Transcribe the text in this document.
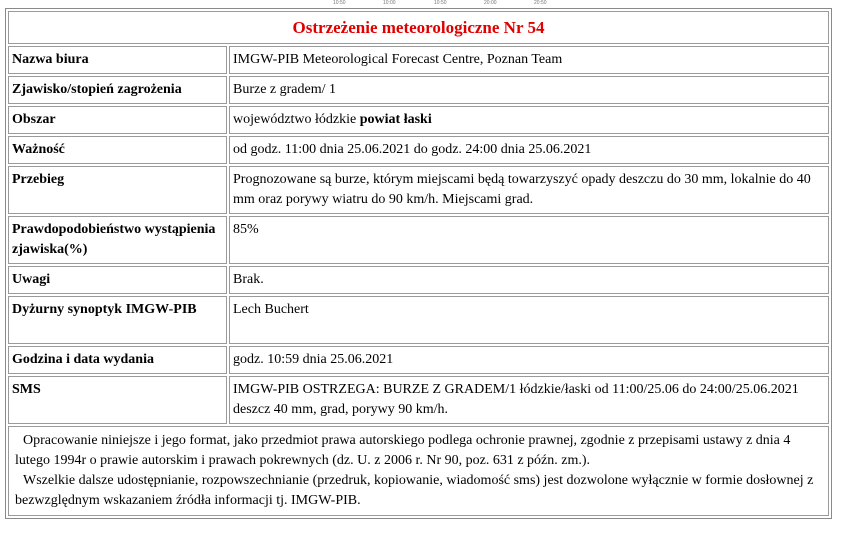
10:50	10:00	10:50	20:00	20:50
Ostrzeżenie meteorologiczne Nr 54	
Nazwa biura	IMGW-PIB Meteorological Forecast Centre, Poznan Team
Zjawisko/stopień zagrożenia	Burze z gradem/ 1
Obszar	województwo łódzkie powiat łaski
Ważność	od godz. 11:00 dnia 25.06.2021 do godz. 24:00 dnia 25.06.2021
Przebieg	Prognozowane są burze, którym miejscami będą towarzyszyć opady deszczu do 30 mm, lokalnie do 40 mm oraz porywy wiatru do 90 km/h. Miejscami grad.
Prawdopodobieństwo wystąpienia zjawiska(%)	85%
Uwagi	Brak.
Dyżurny synoptyk IMGW-PIB	Lech Buchert
Godzina i data wydania	godz. 10:59 dnia 25.06.2021
SMS	IMGW-PIB OSTRZEGA: BURZE Z GRADEM/1 łódzkie/łaski od 11:00/25.06 do 24:00/25.06.2021 deszcz 40 mm, grad, porywy 90 km/h.

Opracowanie niniejsze i jego format, jako przedmiot prawa autorskiego podlega ochronie prawnej, zgodnie z przepisami ustawy z dnia 4 lutego 1994r o prawie autorskim i prawach pokrewnych (dz. U. z 2006 r. Nr 90, poz. 631 z późn. zm.).
Wszelkie dalsze udostępnianie, rozpowszechnianie (przedruk, kopiowanie, wiadomość sms) jest dozwolone wyłącznie w formie dosłownej z bezwzględnym wskazaniem źródła informacji tj. IMGW-PIB.	
